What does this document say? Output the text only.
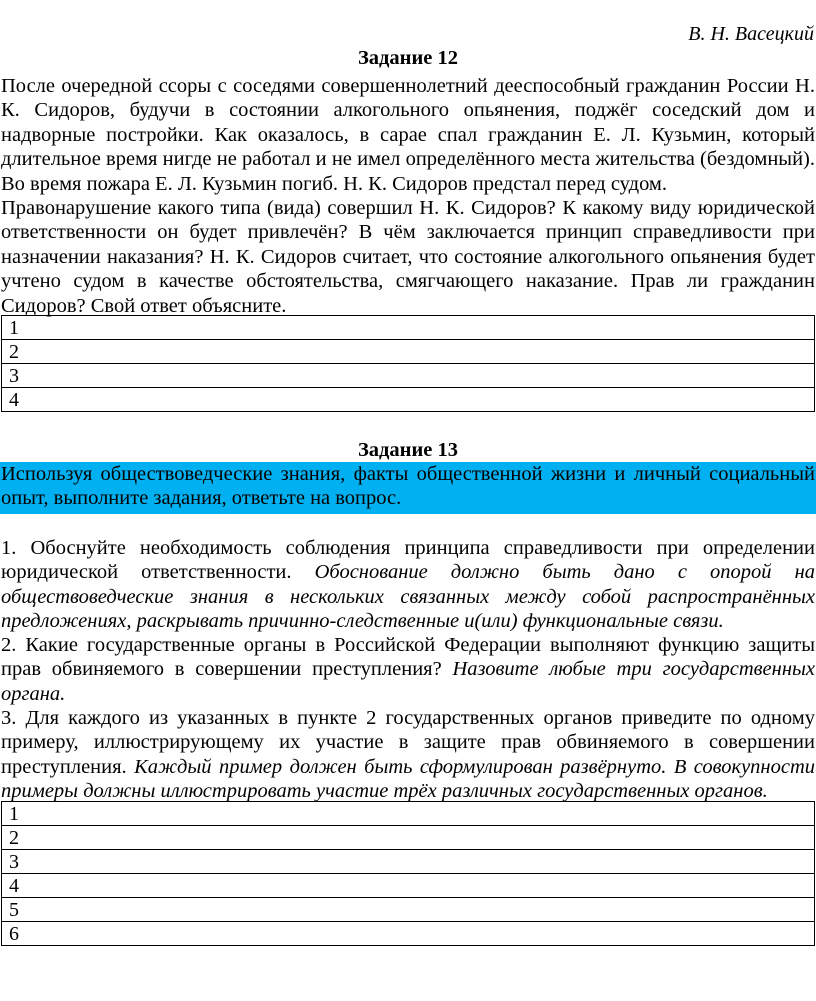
В. Н. Васецкий
Задание 12
После очередной ссоры с соседями совершеннолетний дееспособный гражданин России Н. К. Сидоров, будучи в состоянии алкогольного опьянения, поджёг соседский дом и надворные постройки. Как оказалось, в сарае спал гражданин Е. Л. Кузьмин, который длительное время нигде не работал и не имел определённого места жительства (бездомный). Во время пожара Е. Л. Кузьмин погиб. Н. К. Сидоров предстал перед судом.
Правонарушение какого типа (вида) совершил Н. К. Сидоров? К какому виду юридической ответственности он будет привлечён? В чём заключается принцип справедливости при назначении наказания? Н. К. Сидоров считает, что состояние алкогольного опьянения будет учтено судом в качестве обстоятельства, смягчающего наказание. Прав ли гражданин Сидоров? Свой ответ объясните.
1
2
3
4
Задание 13
Используя обществоведческие знания, факты общественной жизни и личный социальный опыт, выполните задания, ответьте на вопрос.
1. Обоснуйте необходимость соблюдения принципа справедливости при определении юридической ответственности. Обоснование должно быть дано с опорой на обществоведческие знания в нескольких связанных между собой распространённых предложениях, раскрывать причинно-следственные и(или) функциональные связи.
2. Какие государственные органы в Российской Федерации выполняют функцию защиты прав обвиняемого в совершении преступления? Назовите любые три государственных органа.
3. Для каждого из указанных в пункте 2 государственных органов приведите по одному примеру, иллюстрирующему их участие в защите прав обвиняемого в совершении преступления. Каждый пример должен быть сформулирован развёрнуто. В совокупности примеры должны иллюстрировать участие трёх различных государственных органов.
1
2
3
4
5
6
